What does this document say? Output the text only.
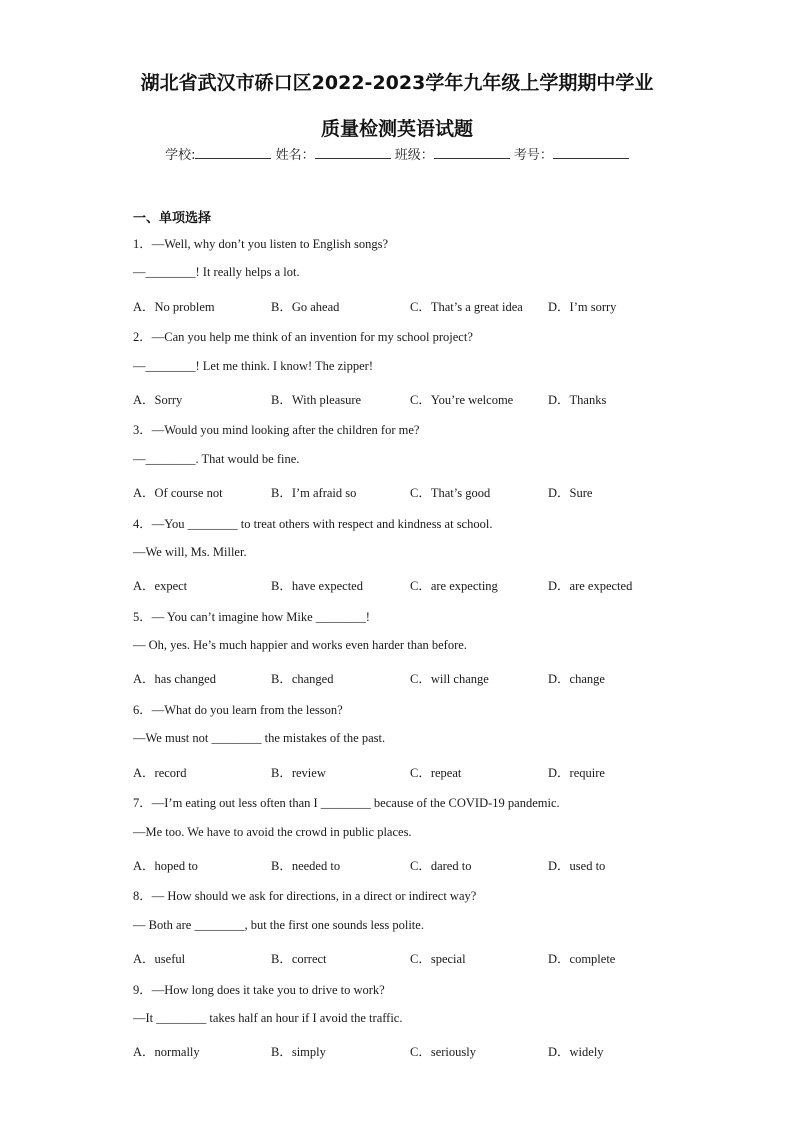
湖北省武汉市硚口区2022-2023学年九年级上学期期中学业
质量检测英语试题
学校:	姓名：	班级：	考号：
一、单项选择
1．—Well, why don’t you listen to English songs?
—________! It really helps a lot.
A．No problem	B．Go ahead	C．That’s a great idea D．I’m sorry
2．—Can you help me think of an invention for my school project?
—________! Let me think. I know! The zipper!
A．Sorry	B．With pleasure	C．You’re welcome	D．Thanks
3．—Would you mind looking after the children for me?
—________. That would be fine.
A．Of course not	B．I’m afraid so	C．That’s good	D．Sure
4．—You ________ to treat others with respect and kindness at school.
—We will, Ms. Miller.
A．expect	B．have expected	C．are expecting	D．are expected
5．— You can’t imagine how Mike ________!
— Oh, yes. He’s much happier and works even harder than before.
A．has changed	B．changed	C．will change	D．change
6．—What do you learn from the lesson?
—We must not ________ the mistakes of the past.
A．record	B．review	C．repeat	D．require
7．—I’m eating out less often than I ________ because of the COVID-19 pandemic.
—Me too. We have to avoid the crowd in public places.
A．hoped to	B．needed to	C．dared to	D．used to
8．— How should we ask for directions, in a direct or indirect way?
— Both are ________, but the first one sounds less polite.
A．useful	B．correct	C．special	D．complete
9．—How long does it take you to drive to work?
—It ________ takes half an hour if I avoid the traffic.
A．normally	B．simply	C．seriously	D．widely
